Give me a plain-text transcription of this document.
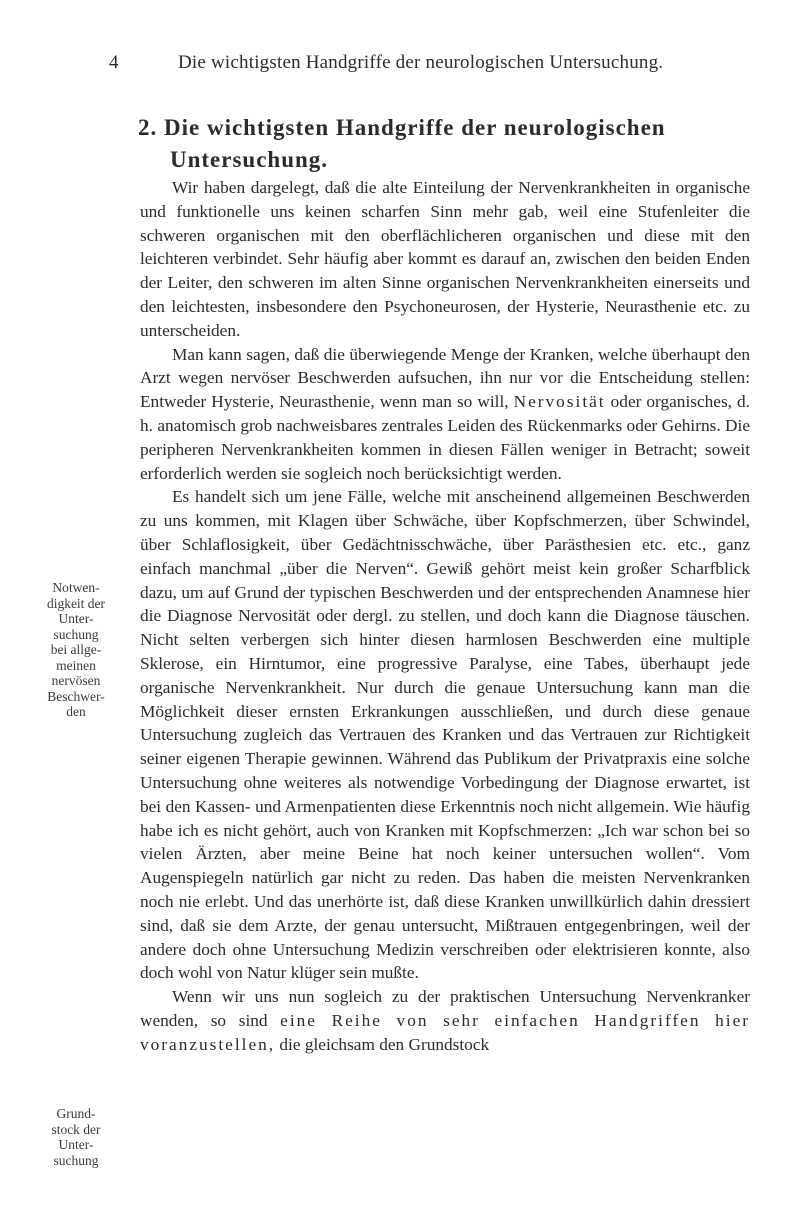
4	Die wichtigsten Handgriffe der neurologischen Untersuchung.
2. Die wichtigsten Handgriffe der neurologischen
Untersuchung.
Notwen-
digkeit der
Unter-
suchung
bei allge-
meinen
nervösen
Beschwer-
den
Grund-
stock der
Unter-
suchung

Wir haben dargelegt, daß die alte Einteilung der Nervenkrankheiten in organische und funktionelle uns keinen scharfen Sinn mehr gab, weil eine Stufenleiter die schweren organischen mit den oberflächlicheren organischen und diese mit den leichteren verbindet. Sehr häufig aber kommt es darauf an, zwischen den beiden Enden der Leiter, den schweren im alten Sinne organischen Nervenkrankheiten einerseits und den leichtesten, insbesondere den Psychoneurosen, der Hysterie, Neurasthenie etc. zu unterscheiden.

Man kann sagen, daß die überwiegende Menge der Kranken, welche überhaupt den Arzt wegen nervöser Beschwerden aufsuchen, ihn nur vor die Entscheidung stellen: Entweder Hysterie, Neurasthenie, wenn man so will, Nervosität oder organisches, d. h. anatomisch grob nachweisbares zentrales Leiden des Rückenmarks oder Gehirns. Die peripheren Nervenkrankheiten kommen in diesen Fällen weniger in Betracht; soweit erforderlich werden sie sogleich noch berücksichtigt werden.

Es handelt sich um jene Fälle, welche mit anscheinend allgemeinen Beschwerden zu uns kommen, mit Klagen über Schwäche, über Kopfschmerzen, über Schwindel, über Schlaflosigkeit, über Gedächtnisschwäche, über Parästhesien etc. etc., ganz einfach manchmal „über die Nerven“. Gewiß gehört meist kein großer Scharfblick dazu, um auf Grund der typischen Beschwerden und der entsprechenden Anamnese hier die Diagnose Nervosität oder dergl. zu stellen, und doch kann die Diagnose täuschen. Nicht selten verbergen sich hinter diesen harmlosen Beschwerden eine multiple Sklerose, ein Hirntumor, eine progressive Paralyse, eine Tabes, überhaupt jede organische Nervenkrankheit. Nur durch die genaue Untersuchung kann man die Möglichkeit dieser ernsten Erkrankungen ausschließen, und durch diese genaue Untersuchung zugleich das Vertrauen des Kranken und das Vertrauen zur Richtigkeit seiner eigenen Therapie gewinnen. Während das Publikum der Privatpraxis eine solche Untersuchung ohne weiteres als notwendige Vorbedingung der Diagnose erwartet, ist bei den Kassen- und Armenpatienten diese Erkenntnis noch nicht allgemein. Wie häufig habe ich es nicht gehört, auch von Kranken mit Kopfschmerzen: „Ich war schon bei so vielen Ärzten, aber meine Beine hat noch keiner untersuchen wollen“. Vom Augenspiegeln natürlich gar nicht zu reden. Das haben die meisten Nervenkranken noch nie erlebt. Und das unerhörte ist, daß diese Kranken unwillkürlich dahin dressiert sind, daß sie dem Arzte, der genau untersucht, Mißtrauen entgegenbringen, weil der andere doch ohne Untersuchung Medizin verschreiben oder elektrisieren konnte, also doch wohl von Natur klüger sein mußte.

Wenn wir uns nun sogleich zu der praktischen Untersuchung Nervenkranker wenden, so sind eine Reihe von sehr einfachen Handgriffen hier voranzustellen, die gleichsam den Grundstock
